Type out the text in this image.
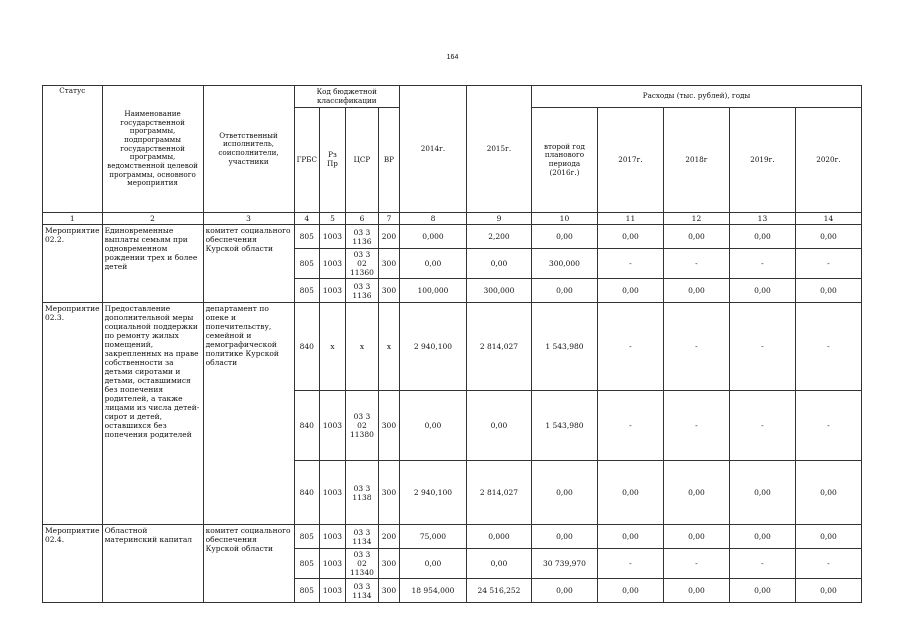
164
Статус	Наименование государственной программы, подпрограммы государственной программы, ведомственной целевой программы, основного мероприятия	Ответственный исполнитель, соисполнители, участники	Код бюджетной классификации				2014г.	2015г.	Расходы (тыс. рублей), годы				
			ГРБС	Рз Пр	ЦСР	ВР			второй год планового периода (2016г.)	2017г.	2018г	2019г.	2020г.
1	2	3	4	5	6	7	8	9	10	11	12	13	14
Мероприятие 02.2.	Единовременные выплаты семьям при одновременном рождении трех и более детей	комитет социального обеспечения Курской области	805	1003	03 3 1136	200	0,000	2,200	0,00	0,00	0,00	0,00	0,00
			805	1003	03 3 02 11360	300	0,00	0,00	300,000	-	-	-	-
			805	1003	03 3 1136	300	100,000	300,000	0,00	0,00	0,00	0,00	0,00
Мероприятие 02.3.	Предоставление дополнительной меры социальной поддержки по ремонту жилых помещений, закрепленных на праве собственности за детьми сиротами и детьми, оставшимися без попечения родителей, а также лицами из числа детей-сирот и детей, оставшихся без попечения родителей	департамент по опеке и попечительству, семейной и демографической политике Курской области	840	х	х	х	2 940,100	2 814,027	1 543,980	-	-	-	-
			840	1003	03 3 02 11380	300	0,00	0,00	1 543,980	-	-	-	-
			840	1003	03 3 1138	300	2 940,100	2 814,027	0,00	0,00	0,00	0,00	0,00
Мероприятие 02.4.	Областной материнский капитал	комитет социального обеспечения Курской области	805	1003	03 3 1134	200	75,000	0,000	0,00	0,00	0,00	0,00	0,00
			805	1003	03 3 02 11340	300	0,00	0,00	30 739,970	-	-	-	-
			805	1003	03 3 1134	300	18 954,000	24 516,252	0,00	0,00	0,00	0,00	0,00
